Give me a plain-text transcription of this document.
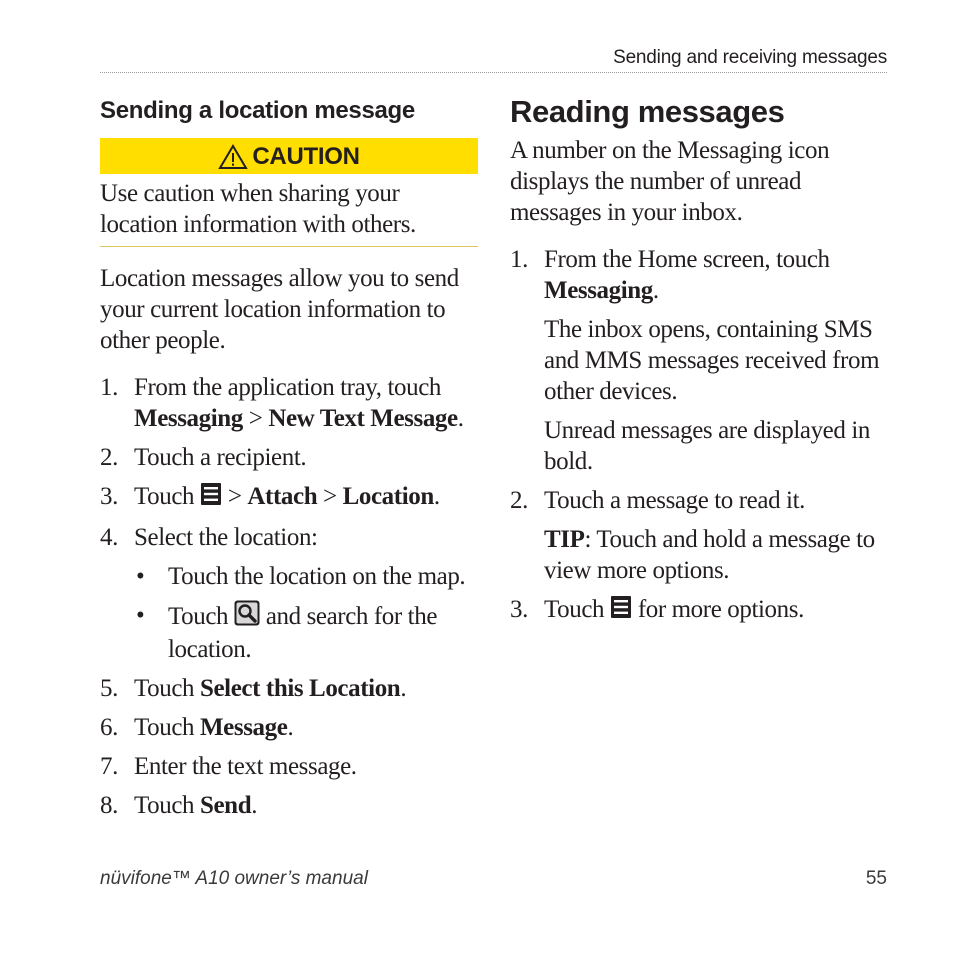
Sending and receiving messages
Sending a location message
CAUTION

Use caution when sharing your location information with others.

Location messages allow you to send your current location information to other people.

1. From the application tray, touch Messaging > New Text Message.
2. Touch a recipient.
3. Touch  > Attach > Location.
4. Select the location:
• Touch the location on the map.
• Touch  and search for the location.
5. Touch Select this Location.
6. Touch Message.
7. Enter the text message.
8. Touch Send.
Reading messages

A number on the Messaging icon displays the number of unread messages in your inbox.

1. From the Home screen, touch Messaging.

The inbox opens, containing SMS and MMS messages received from other devices.

Unread messages are displayed in bold.

2. Touch a message to read it.

TIP: Touch and hold a message to view more options.

3. Touch  for more options.
nüvifone™ A10 owner’s manual	55
